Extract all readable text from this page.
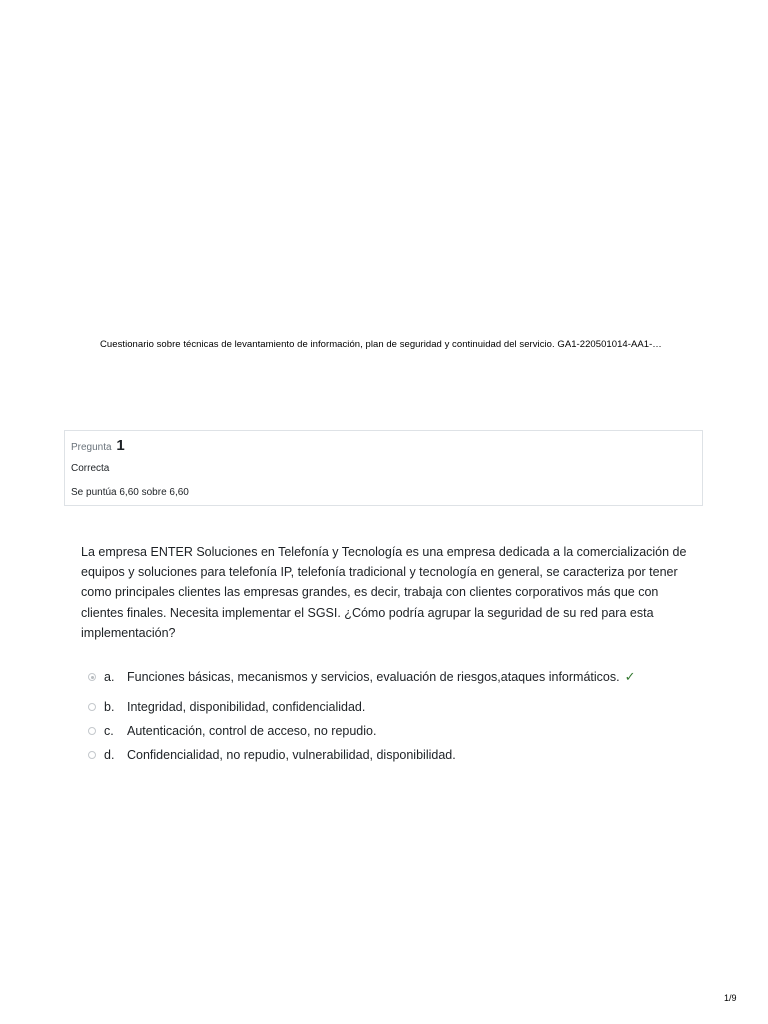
Cuestionario sobre técnicas de levantamiento de información, plan de seguridad y continuidad del servicio. GA1-220501014-AA1-…
Pregunta 1
Correcta
Se puntúa 6,60 sobre 6,60
La empresa ENTER Soluciones en Telefonía y Tecnología es una empresa dedicada a la comercialización de equipos y soluciones para telefonía IP, telefonía tradicional y tecnología en general, se caracteriza por tener como principales clientes las empresas grandes, es decir, trabaja con clientes corporativos más que con clientes finales. Necesita implementar el SGSI. ¿Cómo podría agrupar la seguridad de su red para esta implementación?
a.	Funciones básicas, mecanismos y servicios, evaluación de riesgos,ataques informáticos. ✓
b.	Integridad, disponibilidad, confidencialidad.
c.	Autenticación, control de acceso, no repudio.
d.	Confidencialidad, no repudio, vulnerabilidad, disponibilidad.
1/9
